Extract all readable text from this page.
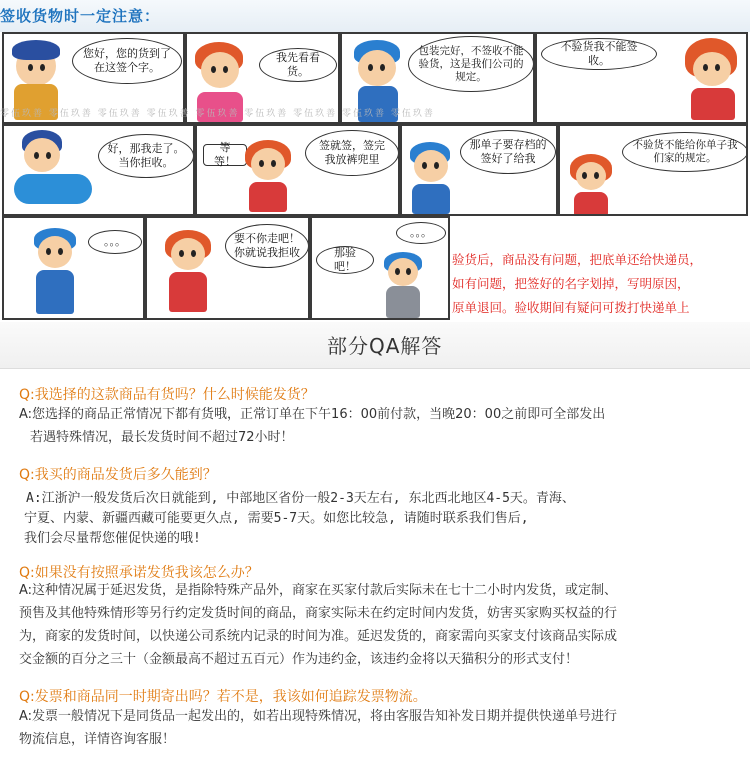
签收货物时一定注意：
您好，您的货到了在这签个字。
我先看看货。
包装完好，不签收不能验货，这是我们公司的规定。
不验货我不能签收。
零伍玖善 零伍玖善 零伍玖善 零伍玖善 零伍玖善 零伍玖善 零伍玖善 零伍玖善 零伍玖善
好，那我走了。当你拒收。
等等！
签就签，签完我放裤兜里
那单子要存档的签好了给我
不验货不能给你单子我们家的规定。
。。。	要不你走吧！你就说我拒收	那验吧！
。。。
验货后，商品没有问题，把底单还给快递员，
如有问题，把签好的名字划掉，写明原因，
原单退回。验收期间有疑问可拨打快递单上
部分QA解答
Q:我选择的这款商品有货吗？什么时候能发货？
A:您选择的商品正常情况下都有货哦，正常订单在下午16：00前付款，当晚20：00之前即可全部发出
若遇特殊情况，最长发货时间不超过72小时！
Q:我买的商品发货后多久能到？
A:江浙沪一般发货后次日就能到, 中部地区省份一般2-3天左右, 东北西北地区4-5天。青海、
宁夏、内蒙、新疆西藏可能要更久点, 需要5-7天。如您比较急, 请随时联系我们售后,
我们会尽量帮您催促快递的哦!
Q:如果没有按照承诺发货我该怎么办？
A:这种情况属于延迟发货，是指除特殊产品外，商家在买家付款后实际未在七十二小时内发货，或定制、
预售及其他特殊情形等另行约定发货时间的商品，商家实际未在约定时间内发货，妨害买家购买权益的行
为，商家的发货时间，以快递公司系统内记录的时间为准。延迟发货的，商家需向买家支付该商品实际成
交金额的百分之三十（金额最高不超过五百元）作为违约金，该违约金将以天猫积分的形式支付！
Q:发票和商品同一时期寄出吗？若不是，我该如何追踪发票物流。
A:发票一般情况下是同货品一起发出的，如若出现特殊情况，将由客服告知补发日期并提供快递单号进行
物流信息，详情咨询客服！
